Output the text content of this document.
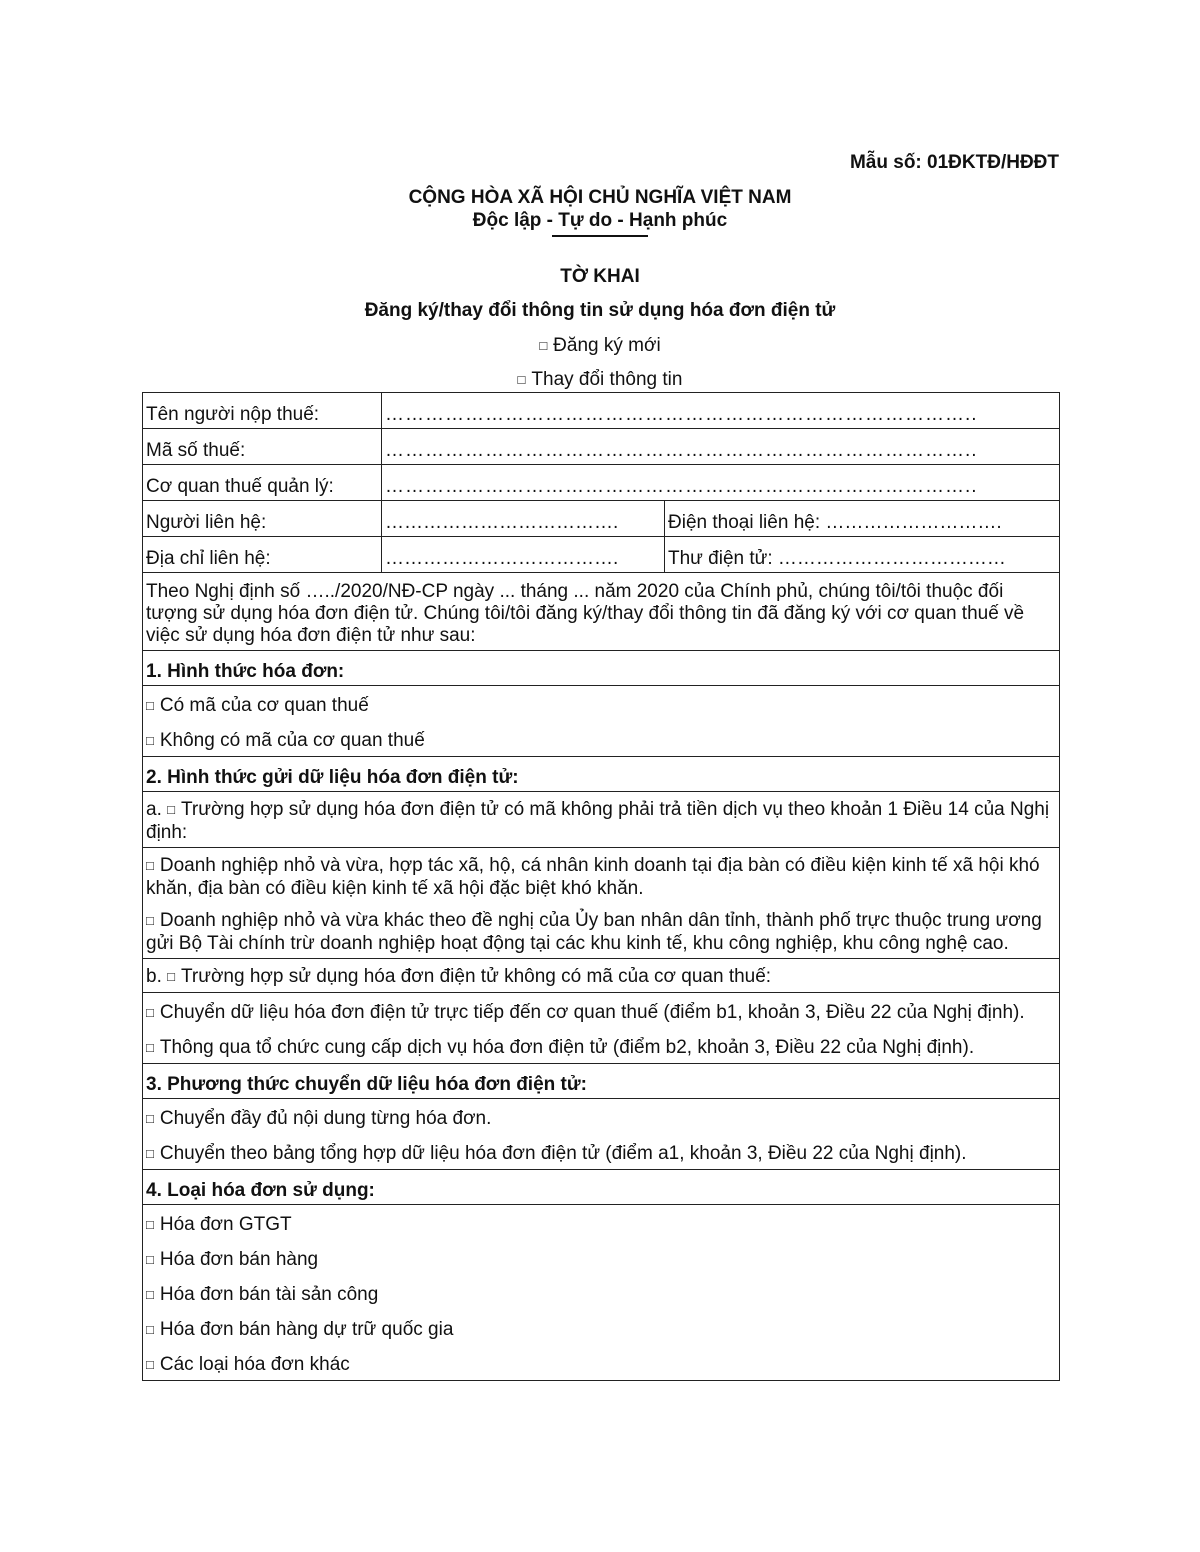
Mẫu số: 01ĐKTĐ/HĐĐT
CỘNG HÒA XÃ HỘI CHỦ NGHĨA VIỆT NAM
Độc lập - Tự do - Hạnh phúc
TỜ KHAI
Đăng ký/thay đổi thông tin sử dụng hóa đơn điện tử
□ Đăng ký mới
□ Thay đổi thông tin
Tên người nộp thuế:	……………………………………………………………………………..
Mã số thuế:	……………………………………………………………………………..
Cơ quan thuế quản lý:	……………………………………………………………………………..
Người liên hệ:	………………………………. Điện thoại liên hệ: ……………………….

Địa chỉ liên hệ:	………………………………. Thư điện tử: ………………………………

Theo Nghị định số …../2020/NĐ-CP ngày ... tháng ... năm 2020 của Chính phủ, chúng tôi/tôi thuộc đối tượng sử dụng hóa đơn điện tử. Chúng tôi/tôi đăng ký/thay đổi thông tin đã đăng ký với cơ quan thuế về việc sử dụng hóa đơn điện tử như sau:	
1. Hình thức hóa đơn:	

□ Có mã của cơ quan thuế
□ Không có mã của cơ quan thuế	

2. Hình thức gửi dữ liệu hóa đơn điện tử:	

a. □ Trường hợp sử dụng hóa đơn điện tử có mã không phải trả tiền dịch vụ theo khoản 1 Điều 14 của Nghị định:	

□ Doanh nghiệp nhỏ và vừa, hợp tác xã, hộ, cá nhân kinh doanh tại địa bàn có điều kiện kinh tế xã hội khó khăn, địa bàn có điều kiện kinh tế xã hội đặc biệt khó khăn.
□ Doanh nghiệp nhỏ và vừa khác theo đề nghị của Ủy ban nhân dân tỉnh, thành phố trực thuộc trung ương gửi Bộ Tài chính trừ doanh nghiệp hoạt động tại các khu kinh tế, khu công nghiệp, khu công nghệ cao.	

b. □ Trường hợp sử dụng hóa đơn điện tử không có mã của cơ quan thuế:	

□ Chuyển dữ liệu hóa đơn điện tử trực tiếp đến cơ quan thuế (điểm b1, khoản 3, Điều 22 của Nghị định).
□ Thông qua tổ chức cung cấp dịch vụ hóa đơn điện tử (điểm b2, khoản 3, Điều 22 của Nghị định).	

3. Phương thức chuyển dữ liệu hóa đơn điện tử:	

□ Chuyển đầy đủ nội dung từng hóa đơn.
□ Chuyển theo bảng tổng hợp dữ liệu hóa đơn điện tử (điểm a1, khoản 3, Điều 22 của Nghị định).	

4. Loại hóa đơn sử dụng:	

□ Hóa đơn GTGT
□ Hóa đơn bán hàng
□ Hóa đơn bán tài sản công
□ Hóa đơn bán hàng dự trữ quốc gia
□ Các loại hóa đơn khác	
